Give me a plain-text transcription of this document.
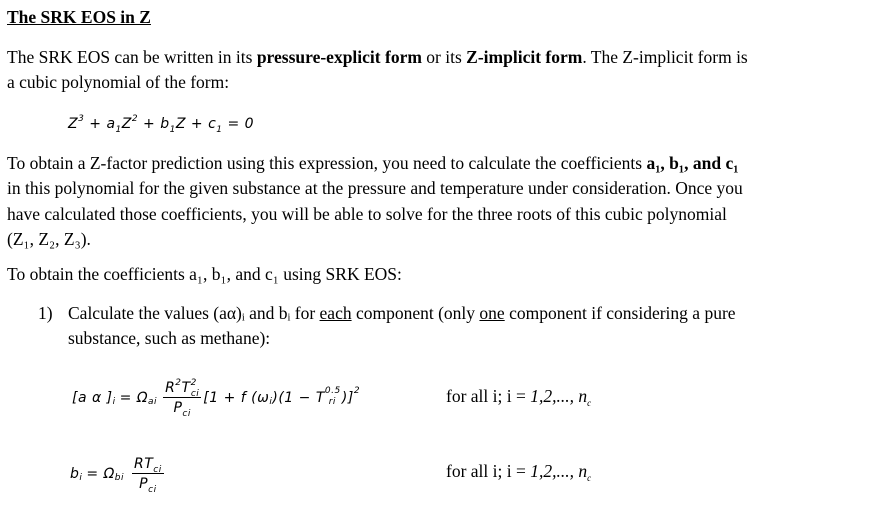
The SRK EOS in Z
The SRK EOS can be written in its pressure-explicit form or its Z-implicit form. The Z-implicit form is
a cubic polynomial of the form:
$Z^3 + a_1Z^2 + b_1Z + c_1 = 0$
To obtain a Z-factor prediction using this expression, you need to calculate the coefficients a₁, b₁, and c₁
in this polynomial for the given substance at the pressure and temperature under consideration. Once you
have calculated those coefficients, you will be able to solve for the three roots of this cubic polynomial
(Z₁, Z₂, Z₃).
To obtain the coefficients a₁, b₁, and c₁ using SRK EOS:
1) Calculate the values (aα)ᵢ and bᵢ for each component (only one component if considering a pure
substance, such as methane):
[a α ] i = Ω ai $\frac{R^2T^2_{ci}}{P_{ci}} [1 + f$ (ω i )(1 − T 0.5
ri )] 2	for all i; i = 1,2,..., $n_c$
b i = Ω bi $\frac{RT_{ci}}{P_{ci}}$	for all i; i = 1,2,..., $n_c$
